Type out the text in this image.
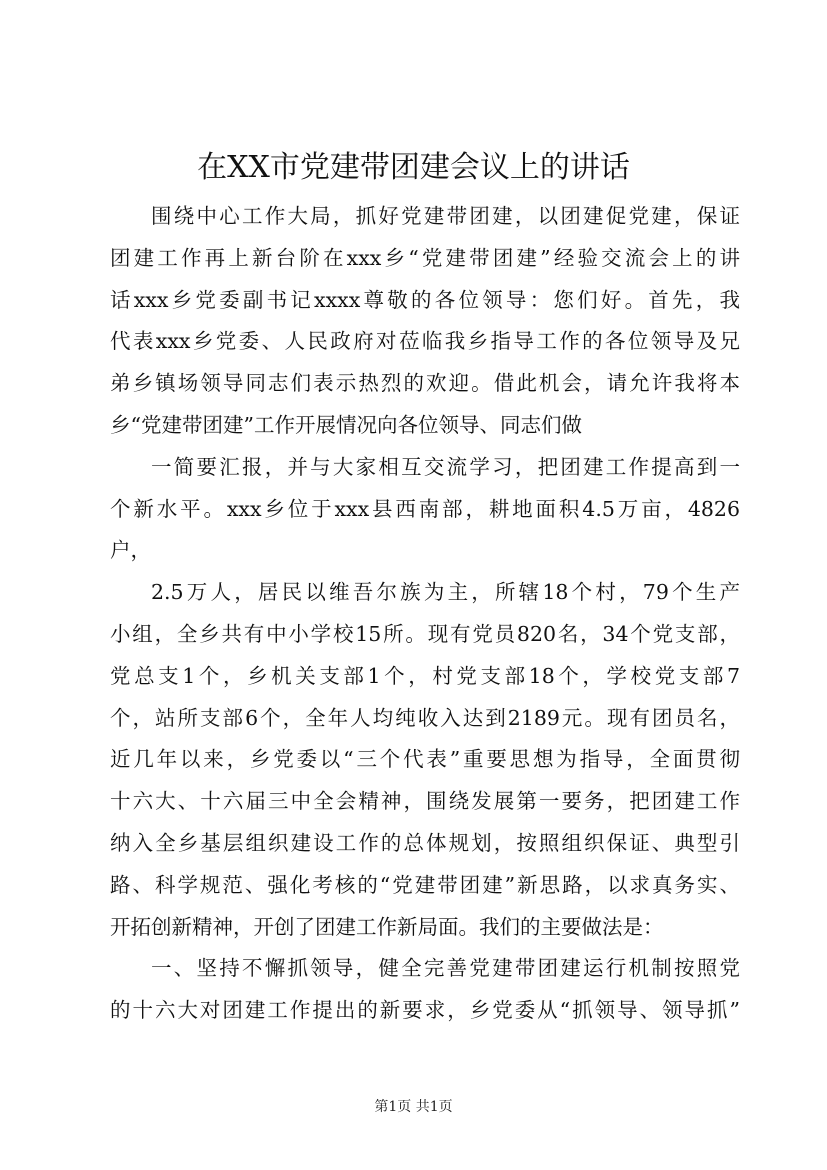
在XX市党建带团建会议上的讲话
围绕中心工作大局，抓好党建带团建，以团建促党建，保证
团建工作再上新台阶在xxx乡“党建带团建”经验交流会上的讲
话xxx乡党委副书记xxxx尊敬的各位领导：您们好。首先，我
代表xxx乡党委、人民政府对莅临我乡指导工作的各位领导及兄
弟乡镇场领导同志们表示热烈的欢迎。借此机会，请允许我将本
乡“党建带团建”工作开展情况向各位领导、同志们做
一简要汇报，并与大家相互交流学习，把团建工作提高到一
个新水平。xxx乡位于xxx县西南部，耕地面积4.5万亩，4826
户，
2.5万人，居民以维吾尔族为主，所辖18个村，79个生产
小组，全乡共有中小学校15所。现有党员820名，34个党支部，
党总支1个，乡机关支部1个，村党支部18个，学校党支部7
个，站所支部6个，全年人均纯收入达到2189元。现有团员名，
近几年以来，乡党委以“三个代表”重要思想为指导，全面贯彻
十六大、十六届三中全会精神，围绕发展第一要务，把团建工作
纳入全乡基层组织建设工作的总体规划，按照组织保证、典型引
路、科学规范、强化考核的“党建带团建”新思路，以求真务实、
开拓创新精神，开创了团建工作新局面。我们的主要做法是：
一、坚持不懈抓领导，健全完善党建带团建运行机制按照党
的十六大对团建工作提出的新要求，乡党委从“抓领导、领导抓”
第1页 共1页
